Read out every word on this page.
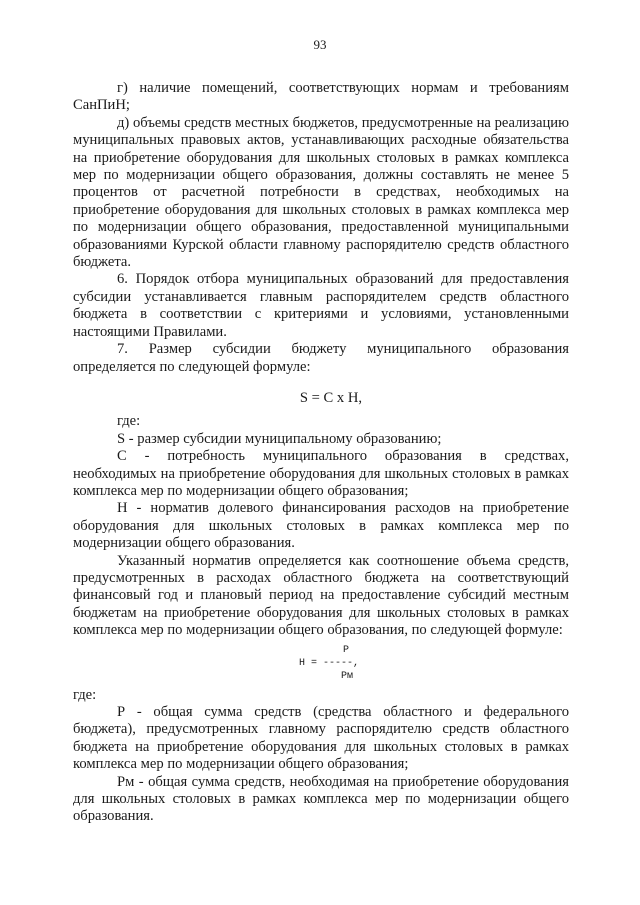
93

г) наличие помещений, соответствующих нормам и требованиям СанПиН;

д) объемы средств местных бюджетов, предусмотренные на реализацию муниципальных правовых актов, устанавливающих расходные обязательства на приобретение оборудования для школьных столовых в рамках комплекса мер по модернизации общего образования, должны составлять не менее 5 процентов от расчетной потребности в средствах, необходимых на приобретение оборудования для школьных столовых в рамках комплекса мер по модернизации общего образования, предоставленной муниципальными образованиями Курской области главному распорядителю средств областного бюджета.

6. Порядок отбора муниципальных образований для предоставления субсидии устанавливается главным распорядителем средств областного бюджета в соответствии с критериями и условиями, установленными настоящими Правилами.

7. Размер субсидии бюджету муниципального образования определяется по следующей формуле:

S = C x H,

где:

S - размер субсидии муниципальному образованию;

С - потребность муниципального образования в средствах, необходимых на приобретение оборудования для школьных столовых в рамках комплекса мер по модернизации общего образования;

Н - норматив долевого финансирования расходов на приобретение оборудования для школьных столовых в рамках комплекса мер по модернизации общего образования.

Указанный норматив определяется как соотношение объема средств, предусмотренных в расходах областного бюджета на соответствующий финансовый год и плановый период на предоставление субсидий местным бюджетам на приобретение оборудования для школьных столовых в рамках комплекса мер по модернизации общего образования, по следующей формуле:

P
H = -----,
Pм

где:

Р - общая сумма средств (средства областного и федерального бюджета), предусмотренных главному распорядителю средств областного бюджета на приобретение оборудования для школьных столовых в рамках комплекса мер по модернизации общего образования;

Рм - общая сумма средств, необходимая на приобретение оборудования для школьных столовых в рамках комплекса мер по модернизации общего образования.
